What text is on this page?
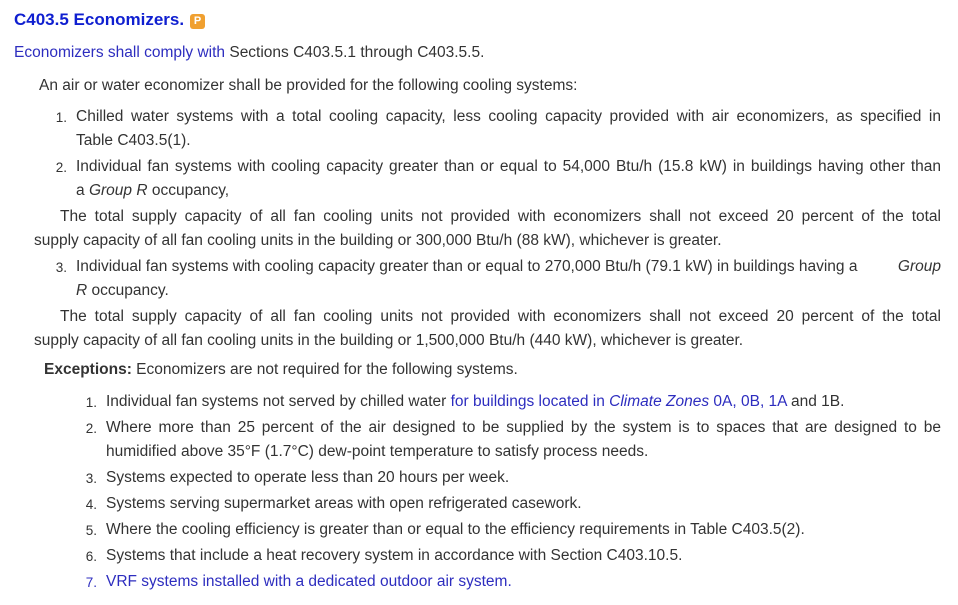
C403.5 Economizers. P
Economizers shall comply with Sections C403.5.1 through C403.5.5.
An air or water economizer shall be provided for the following cooling systems:
1. Chilled water systems with a total cooling capacity, less cooling capacity provided with air economizers, as specified in
Table C403.5(1).
2. Individual fan systems with cooling capacity greater than or equal to 54,000 Btu/h (15.8 kW) in buildings having other than
a Group R occupancy,
The total supply capacity of all fan cooling units not provided with economizers shall not exceed 20 percent of the total
supply capacity of all fan cooling units in the building or 300,000 Btu/h (88 kW), whichever is greater.
3. Individual fan systems with cooling capacity greater than or equal to 270,000 Btu/h (79.1 kW) in buildings having a	Group
R occupancy.
The total supply capacity of all fan cooling units not provided with economizers shall not exceed 20 percent of the total
supply capacity of all fan cooling units in the building or 1,500,000 Btu/h (440 kW), whichever is greater.
Exceptions: Economizers are not required for the following systems.
1. Individual fan systems not served by chilled water for buildings located in Climate Zones 0A, 0B, 1A and 1B.
2. Where more than 25 percent of the air designed to be supplied by the system is to spaces that are designed to be
humidified above 35°F (1.7°C) dew-point temperature to satisfy process needs.
3. Systems expected to operate less than 20 hours per week.
4. Systems serving supermarket areas with open refrigerated casework.
5. Where the cooling efficiency is greater than or equal to the efficiency requirements in Table C403.5(2).
6. Systems that include a heat recovery system in accordance with Section C403.10.5.
7. VRF systems installed with a dedicated outdoor air system.
